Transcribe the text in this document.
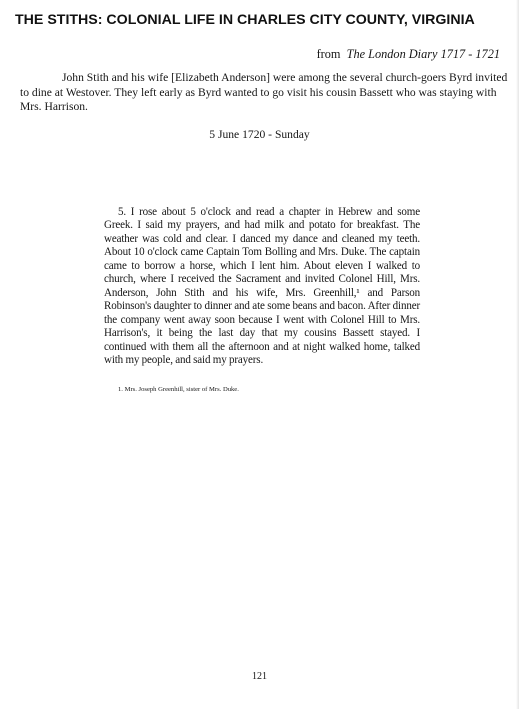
THE STITHS: COLONIAL LIFE IN CHARLES CITY COUNTY, VIRGINIA
from The London Diary 1717 - 1721

John Stith and his wife [Elizabeth Anderson] were among the several church-goers Byrd invited to dine at Westover. They left early as Byrd wanted to go visit his cousin Bassett who was staying with Mrs. Harrison.

5 June 1720 - Sunday

5. I rose about 5 o'clock and read a chapter in Hebrew and some Greek. I said my prayers, and had milk and potato for breakfast. The weather was cold and clear. I danced my dance and cleaned my teeth. About 10 o'clock came Captain Tom Bolling and Mrs. Duke. The captain came to borrow a horse, which I lent him. About eleven I walked to church, where I received the Sacrament and invited Colonel Hill, Mrs. Anderson, John Stith and his wife, Mrs. Greenhill,¹ and Parson Robinson's daughter to dinner and ate some beans and bacon. After dinner the company went away soon because I went with Colonel Hill to Mrs. Harrison's, it being the last day that my cousins Bassett stayed. I continued with them all the afternoon and at night walked home, talked with my people, and said my prayers.

1. Mrs. Joseph Greenhill, sister of Mrs. Duke.
121
